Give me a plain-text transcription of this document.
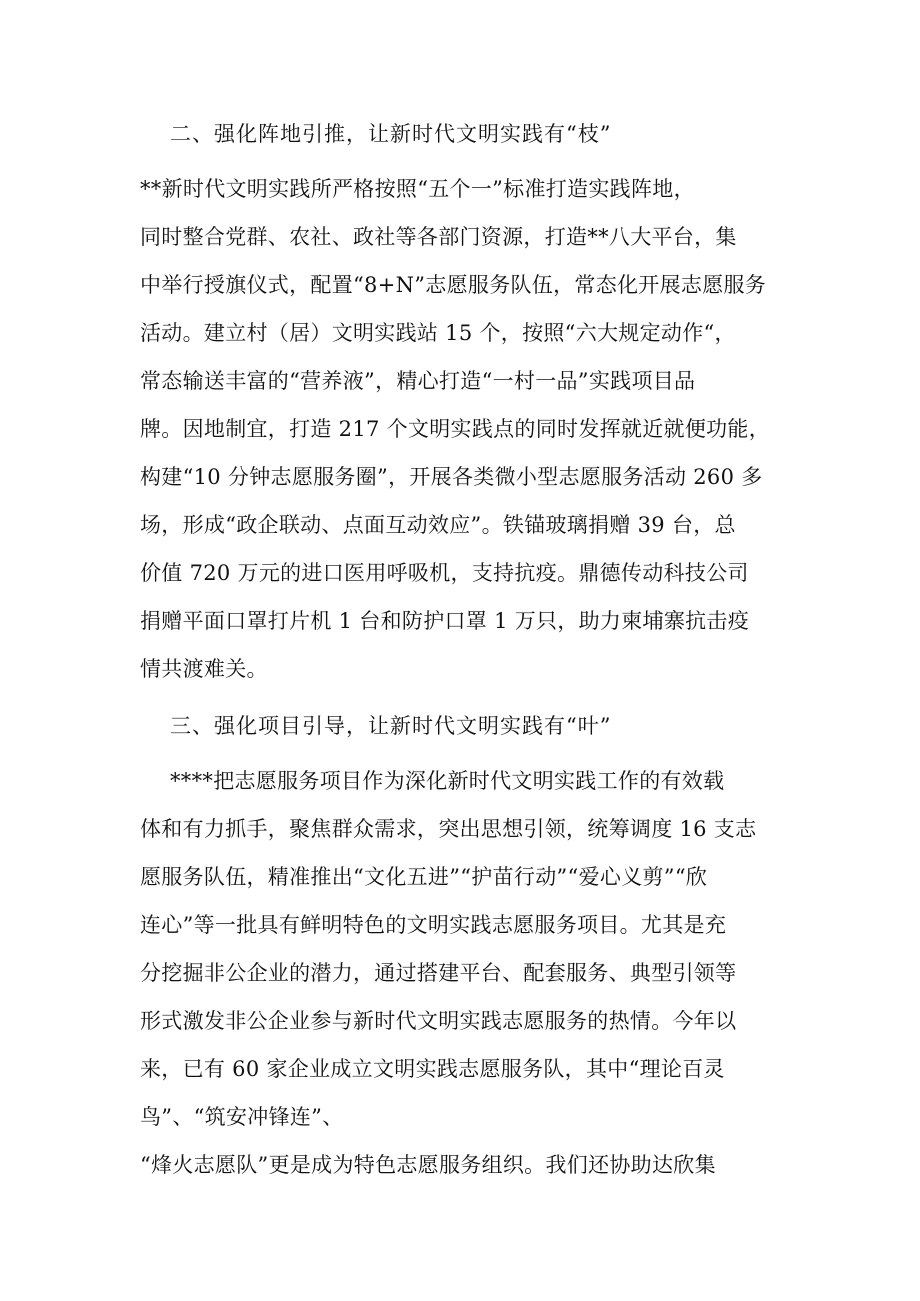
二、强化阵地引推，让新时代文明实践有“枝”
**新时代文明实践所严格按照“五个一”标准打造实践阵地，
同时整合党群、农社、政社等各部门资源，打造**八大平台，集
中举行授旗仪式，配置“8+N”志愿服务队伍，常态化开展志愿服务
活动。建立村（居）文明实践站 15 个，按照“六大规定动作“，
常态输送丰富的“营养液”，精心打造“一村一品”实践项目品
牌。因地制宜，打造 217 个文明实践点的同时发挥就近就便功能，
构建“10 分钟志愿服务圈”，开展各类微小型志愿服务活动 260 多
场，形成“政企联动、点面互动效应”。铁锚玻璃捐赠 39 台，总
价值 720 万元的进口医用呼吸机，支持抗疫。鼎德传动科技公司
捐赠平面口罩打片机 1 台和防护口罩 1 万只，助力柬埔寨抗击疫
情共渡难关。
三、强化项目引导，让新时代文明实践有“叶”
****把志愿服务项目作为深化新时代文明实践工作的有效载
体和有力抓手，聚焦群众需求，突出思想引领，统筹调度 16 支志
愿服务队伍，精准推出“文化五进”“护苗行动”“爱心义剪”“欣
连心”等一批具有鲜明特色的文明实践志愿服务项目。尤其是充
分挖掘非公企业的潜力，通过搭建平台、配套服务、典型引领等
形式激发非公企业参与新时代文明实践志愿服务的热情。今年以
来，已有 60 家企业成立文明实践志愿服务队，其中“理论百灵
鸟”、“筑安冲锋连”、
“烽火志愿队”更是成为特色志愿服务组织。我们还协助达欣集
